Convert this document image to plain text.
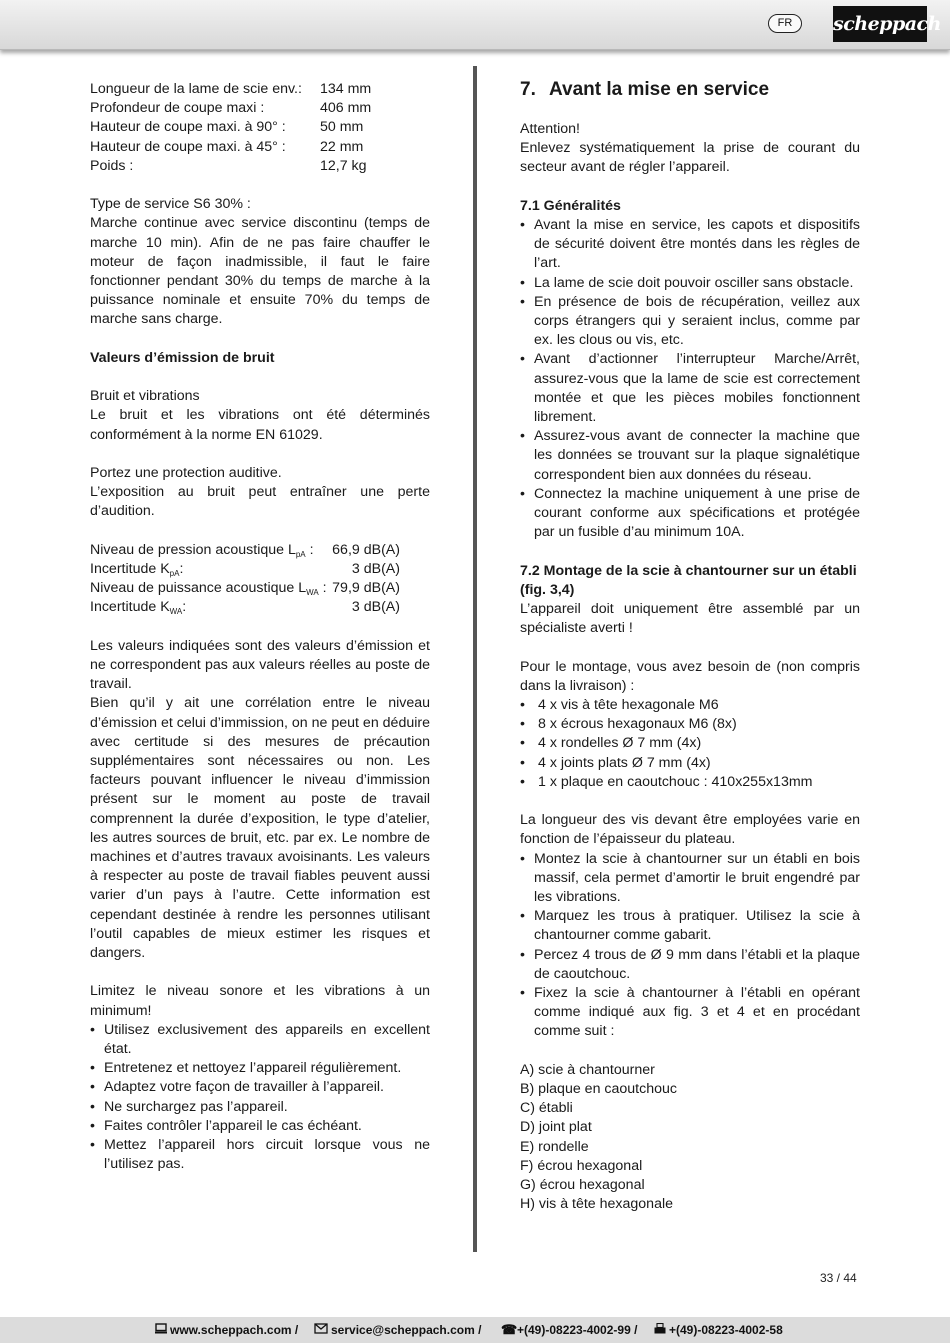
FR	scheppach
Longueur de la lame de scie env.:	134 mm
Profondeur de coupe maxi :	406 mm
Hauteur de coupe maxi. à 90° :	50 mm
Hauteur de coupe maxi. à 45° :	22 mm
Poids :	12,7 kg

Type de service S6 30% :

Marche continue avec service discontinu (temps de marche 10 min). Afin de ne pas faire chauffer le moteur de façon inadmissible, il faut le faire fonctionner pendant 30% du temps de marche à la puissance nominale et ensuite 70% du temps de marche sans charge.

Valeurs d’émission de bruit

Bruit et vibrations

Le bruit et les vibrations ont été déterminés conformément à la norme EN 61029.

Portez une protection auditive.

L’exposition au bruit peut entraîner une perte d’audition.

Niveau de pression acoustique $L_{pA}$ :	66,9 dB(A)
Incertitude $K_{pA}$:	3 dB(A)
Niveau de puissance acoustique $L_{WA}$ : 79,9 dB(A)
Incertitude $K_{WA}$:	3 dB(A)

Les valeurs indiquées sont des valeurs d’émission et ne correspondent pas aux valeurs réelles au poste de travail.

Bien qu’il y ait une corrélation entre le niveau d’émission et celui d’immission, on ne peut en déduire avec certitude si des mesures de précaution supplémentaires sont nécessaires ou non. Les facteurs pouvant influencer le niveau d’immission présent sur le moment au poste de travail comprennent la durée d’exposition, le type d’atelier, les autres sources de bruit, etc. par ex. Le nombre de machines et d’autres travaux avoisinants. Les valeurs à respecter au poste de travail fiables peuvent aussi varier d’un pays à l’autre. Cette information est cependant destinée à rendre les personnes utilisant l’outil capables de mieux estimer les risques et dangers.

Limitez le niveau sonore et les vibrations à un minimum!

• Utilisez exclusivement des appareils en excellent état.
• Entretenez et nettoyez l’appareil régulièrement.
• Adaptez votre façon de travailler à l’appareil.
• Ne surchargez pas l’appareil.
• Faites contrôler l’appareil le cas échéant.
• Mettez l’appareil hors circuit lorsque vous ne l’utilisez pas.
7. Avant la mise en service

Attention!

Enlevez systématiquement la prise de courant du secteur avant de régler l’appareil.

7.1 Généralités

• Avant la mise en service, les capots et dispositifs de sécurité doivent être montés dans les règles de l’art.
• La lame de scie doit pouvoir osciller sans obstacle.
• En présence de bois de récupération, veillez aux corps étrangers qui y seraient inclus, comme par ex. les clous ou vis, etc.
• Avant d’actionner l’interrupteur Marche/Arrêt, assurez-vous que la lame de scie est correctement montée et que les pièces mobiles fonctionnent librement.
• Assurez-vous avant de connecter la machine que les données se trouvant sur la plaque signalétique correspondent bien aux données du réseau.
• Connectez la machine uniquement à une prise de courant conforme aux spécifications et protégée par un fusible d’au minimum 10A.

7.2 Montage de la scie à chantourner sur un établi (fig. 3,4)

L’appareil doit uniquement être assemblé par un spécialiste averti !

Pour le montage, vous avez besoin de (non compris dans la livraison) :

• 4 x vis à tête hexagonale M6
• 8 x écrous hexagonaux M6 (8x)
• 4 x rondelles Ø 7 mm (4x)
• 4 x joints plats Ø 7 mm (4x)
• 1 x plaque en caoutchouc : 410x255x13mm

La longueur des vis devant être employées varie en fonction de l’épaisseur du plateau.

• Montez la scie à chantourner sur un établi en bois massif, cela permet d’amortir le bruit engendré par les vibrations.
• Marquez les trous à pratiquer. Utilisez la scie à chantourner comme gabarit.
• Percez 4 trous de Ø 9 mm dans l’établi et la plaque de caoutchouc.
• Fixez la scie à chantourner à l’établi en opérant comme indiqué aux fig. 3 et 4 et en procédant comme suit :

A) scie à chantourner

B) plaque en caoutchouc

C) établi

D) joint plat

E) rondelle

F) écrou hexagonal

G) écrou hexagonal

H) vis à tête hexagonale

33 / 44
www.scheppach.com /	service@scheppach.com / ☎ +(49)-08223-4002-99 /	+(49)-08223-4002-58
